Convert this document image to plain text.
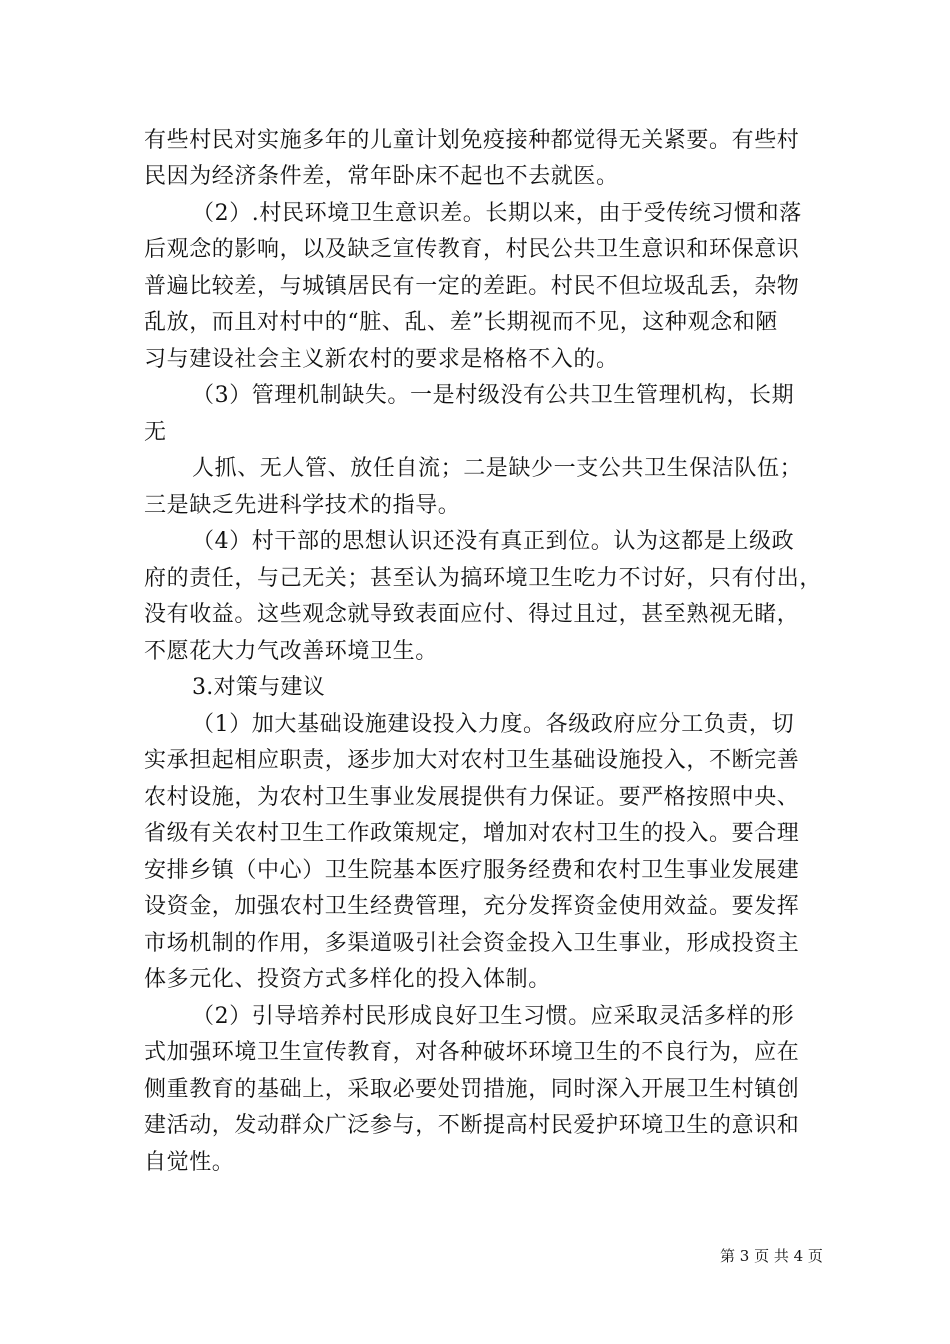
有些村民对实施多年的儿童计划免疫接种都觉得无关紧要。有些村
民因为经济条件差，常年卧床不起也不去就医。
（2）.村民环境卫生意识差。长期以来，由于受传统习惯和落
后观念的影响，以及缺乏宣传教育，村民公共卫生意识和环保意识
普遍比较差，与城镇居民有一定的差距。村民不但垃圾乱丢，杂物
乱放，而且对村中的“脏、乱、差”长期视而不见，这种观念和陋
习与建设社会主义新农村的要求是格格不入的。
（3）管理机制缺失。一是村级没有公共卫生管理机构，长期
无
人抓、无人管、放任自流；二是缺少一支公共卫生保洁队伍；
三是缺乏先进科学技术的指导。
（4）村干部的思想认识还没有真正到位。认为这都是上级政
府的责任，与己无关；甚至认为搞环境卫生吃力不讨好，只有付出，
没有收益。这些观念就导致表面应付、得过且过，甚至熟视无睹，
不愿花大力气改善环境卫生。
3.对策与建议
（1）加大基础设施建设投入力度。各级政府应分工负责，切
实承担起相应职责，逐步加大对农村卫生基础设施投入，不断完善
农村设施，为农村卫生事业发展提供有力保证。要严格按照中央、
省级有关农村卫生工作政策规定，增加对农村卫生的投入。要合理
安排乡镇（中心）卫生院基本医疗服务经费和农村卫生事业发展建
设资金，加强农村卫生经费管理，充分发挥资金使用效益。要发挥
市场机制的作用，多渠道吸引社会资金投入卫生事业，形成投资主
体多元化、投资方式多样化的投入体制。
（2）引导培养村民形成良好卫生习惯。应采取灵活多样的形
式加强环境卫生宣传教育，对各种破坏环境卫生的不良行为，应在
侧重教育的基础上，采取必要处罚措施，同时深入开展卫生村镇创
建活动，发动群众广泛参与，不断提高村民爱护环境卫生的意识和
自觉性。
第 3 页 共 4 页
